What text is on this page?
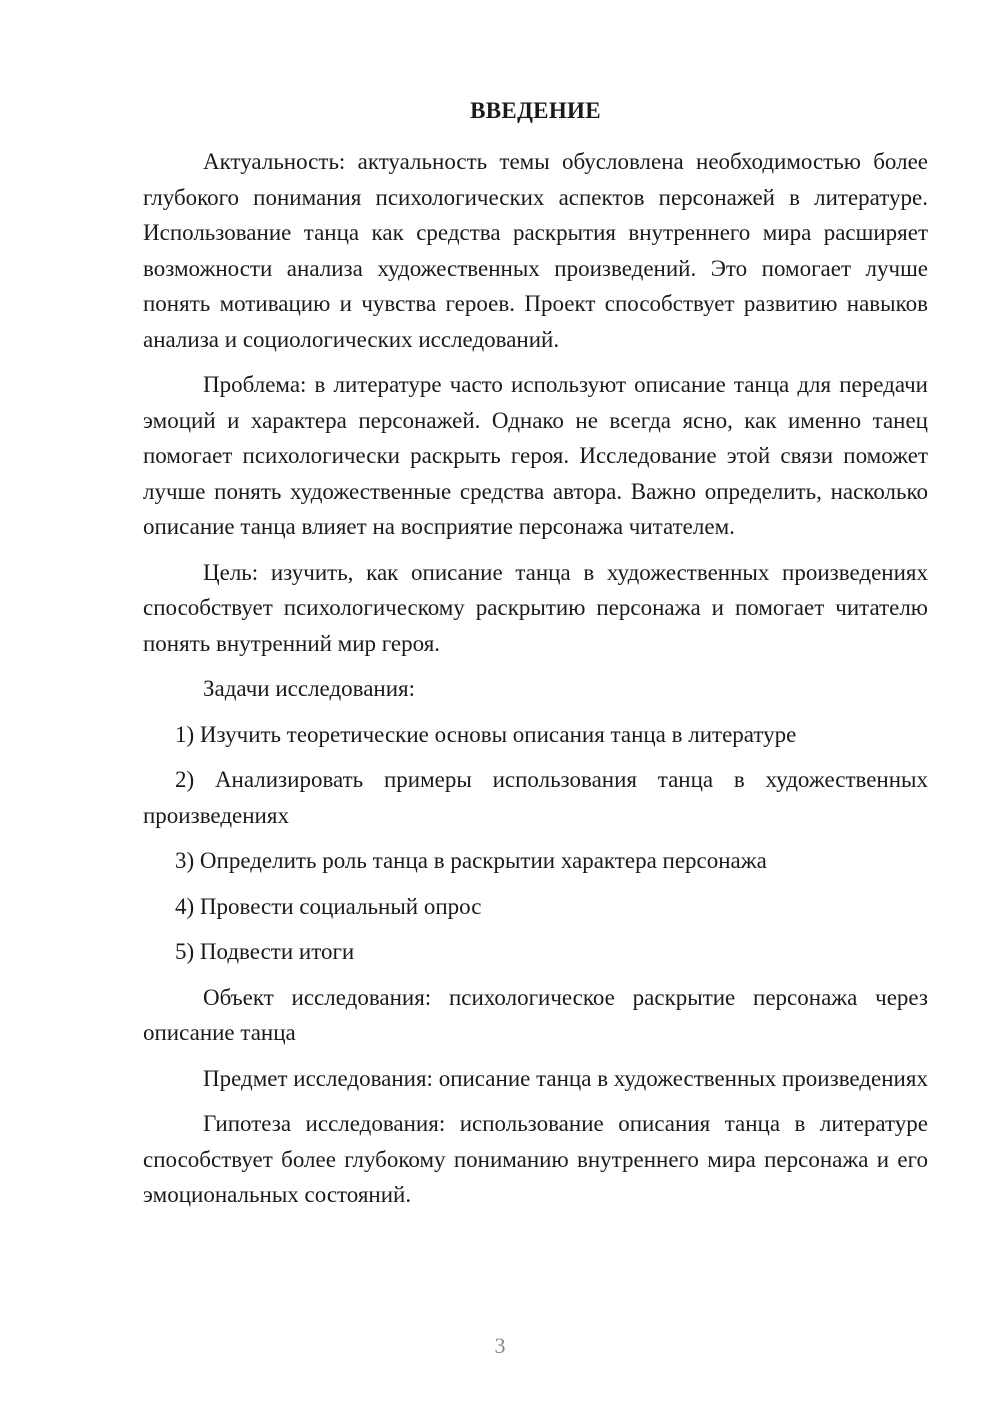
ВВЕДЕНИЕ

Актуальность: актуальность темы обусловлена необходимостью более глубокого понимания психологических аспектов персонажей в литературе. Использование танца как средства раскрытия внутреннего мира расширяет возможности анализа художественных произведений. Это помогает лучше понять мотивацию и чувства героев. Проект способствует развитию навыков анализа и социологических исследований.

Проблема: в литературе часто используют описание танца для передачи эмоций и характера персонажей. Однако не всегда ясно, как именно танец помогает психологически раскрыть героя. Исследование этой связи поможет лучше понять художественные средства автора. Важно определить, насколько описание танца влияет на восприятие персонажа читателем.

Цель: изучить, как описание танца в художественных произведениях способствует психологическому раскрытию персонажа и помогает читателю понять внутренний мир героя.

Задачи исследования:

1) Изучить теоретические основы описания танца в литературе

2) Анализировать примеры использования танца в художественных произведениях

3) Определить роль танца в раскрытии характера персонажа

4) Провести социальный опрос

5) Подвести итоги

Объект исследования: психологическое раскрытие персонажа через описание танца

Предмет исследования: описание танца в художественных произведениях

Гипотеза исследования: использование описания танца в литературе способствует более глубокому пониманию внутреннего мира персонажа и его эмоциональных состояний.

3
